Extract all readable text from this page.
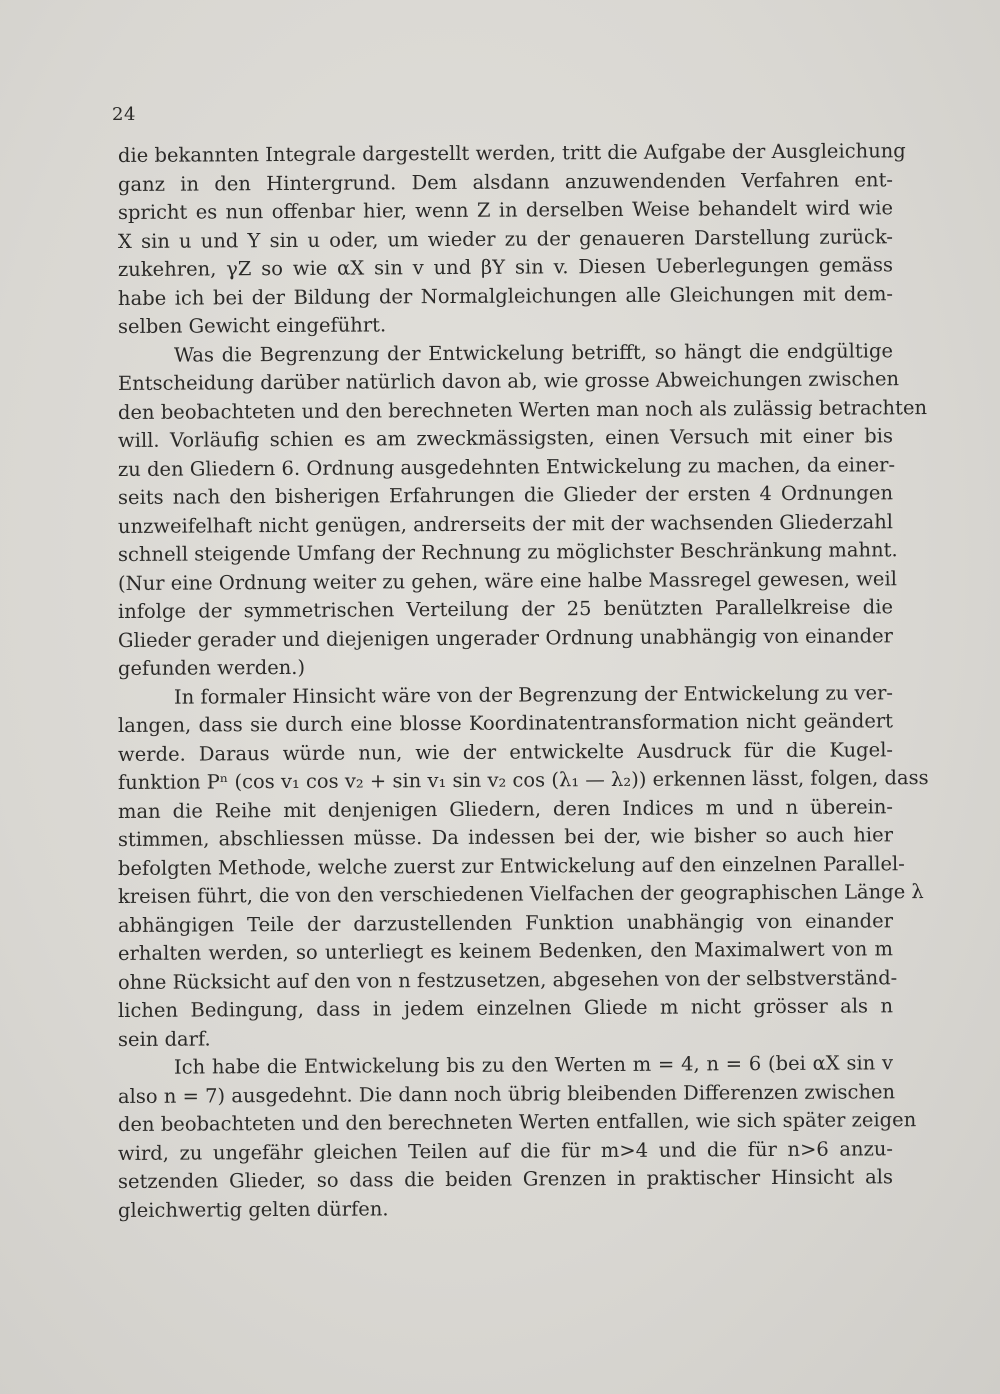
24
die bekannten Integrale dargestellt werden, tritt die Aufgabe der Ausgleichung
ganz in den Hintergrund. Dem alsdann anzuwendenden Verfahren ent-
spricht es nun offenbar hier, wenn Z in derselben Weise behandelt wird wie
X sin u und Y sin u oder, um wieder zu der genaueren Darstellung zurück-
zukehren, γZ so wie αX sin v und βY sin v. Diesen Ueberlegungen gemäss
habe ich bei der Bildung der Normalgleichungen alle Gleichungen mit dem-
selben Gewicht eingeführt.
Was die Begrenzung der Entwickelung betrifft, so hängt die endgültige
Entscheidung darüber natürlich davon ab, wie grosse Abweichungen zwischen
den beobachteten und den berechneten Werten man noch als zulässig betrachten
will. Vorläufig schien es am zweckmässigsten, einen Versuch mit einer bis
zu den Gliedern 6. Ordnung ausgedehnten Entwickelung zu machen, da einer-
seits nach den bisherigen Erfahrungen die Glieder der ersten 4 Ordnungen
unzweifelhaft nicht genügen, andrerseits der mit der wachsenden Gliederzahl
schnell steigende Umfang der Rechnung zu möglichster Beschränkung mahnt.
(Nur eine Ordnung weiter zu gehen, wäre eine halbe Massregel gewesen, weil
infolge der symmetrischen Verteilung der 25 benützten Parallelkreise die
Glieder gerader und diejenigen ungerader Ordnung unabhängig von einander
gefunden werden.)
In formaler Hinsicht wäre von der Begrenzung der Entwickelung zu ver-
langen, dass sie durch eine blosse Koordinatentransformation nicht geändert
werde. Daraus würde nun, wie der entwickelte Ausdruck für die Kugel-
funktion Pⁿ (cos v₁ cos v₂ + sin v₁ sin v₂ cos (λ₁ — λ₂)) erkennen lässt, folgen, dass
man die Reihe mit denjenigen Gliedern, deren Indices m und n überein-
stimmen, abschliessen müsse. Da indessen bei der, wie bisher so auch hier
befolgten Methode, welche zuerst zur Entwickelung auf den einzelnen Parallel-
kreisen führt, die von den verschiedenen Vielfachen der geographischen Länge λ
abhängigen Teile der darzustellenden Funktion unabhängig von einander
erhalten werden, so unterliegt es keinem Bedenken, den Maximalwert von m
ohne Rücksicht auf den von n festzusetzen, abgesehen von der selbstverständ-
lichen Bedingung, dass in jedem einzelnen Gliede m nicht grösser als n
sein darf.
Ich habe die Entwickelung bis zu den Werten m = 4, n = 6 (bei αX sin v
also n = 7) ausgedehnt. Die dann noch übrig bleibenden Differenzen zwischen
den beobachteten und den berechneten Werten entfallen, wie sich später zeigen
wird, zu ungefähr gleichen Teilen auf die für m>4 und die für n>6 anzu-
setzenden Glieder, so dass die beiden Grenzen in praktischer Hinsicht als
gleichwertig gelten dürfen.
